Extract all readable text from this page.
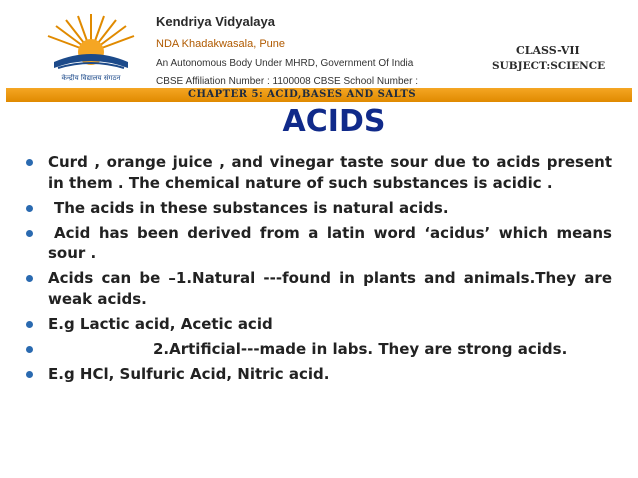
केन्द्रीय विद्यालय संगठन
Kendriya Vidyalaya
NDA Khadakwasala, Pune
An Autonomous Body Under MHRD, Government Of India
CBSE Affiliation Number : 1100008 CBSE School Number :
CLASS-VII
SUBJECT:SCIENCE
CHAPTER 5: ACID,BASES AND SALTS
ACIDS
Curd , orange juice , and vinegar taste sour due to acids present in them . The chemical nature of such substances is acidic .
The acids in these substances is natural acids.
Acid has been derived from a latin word ‘acidus’ which means sour .
Acids can be –1.Natural ---found in plants and animals.They are weak acids.
E.g Lactic acid, Acetic acid
2.Artificial---made in labs. They are strong acids.
E.g HCl, Sulfuric Acid, Nitric acid.
